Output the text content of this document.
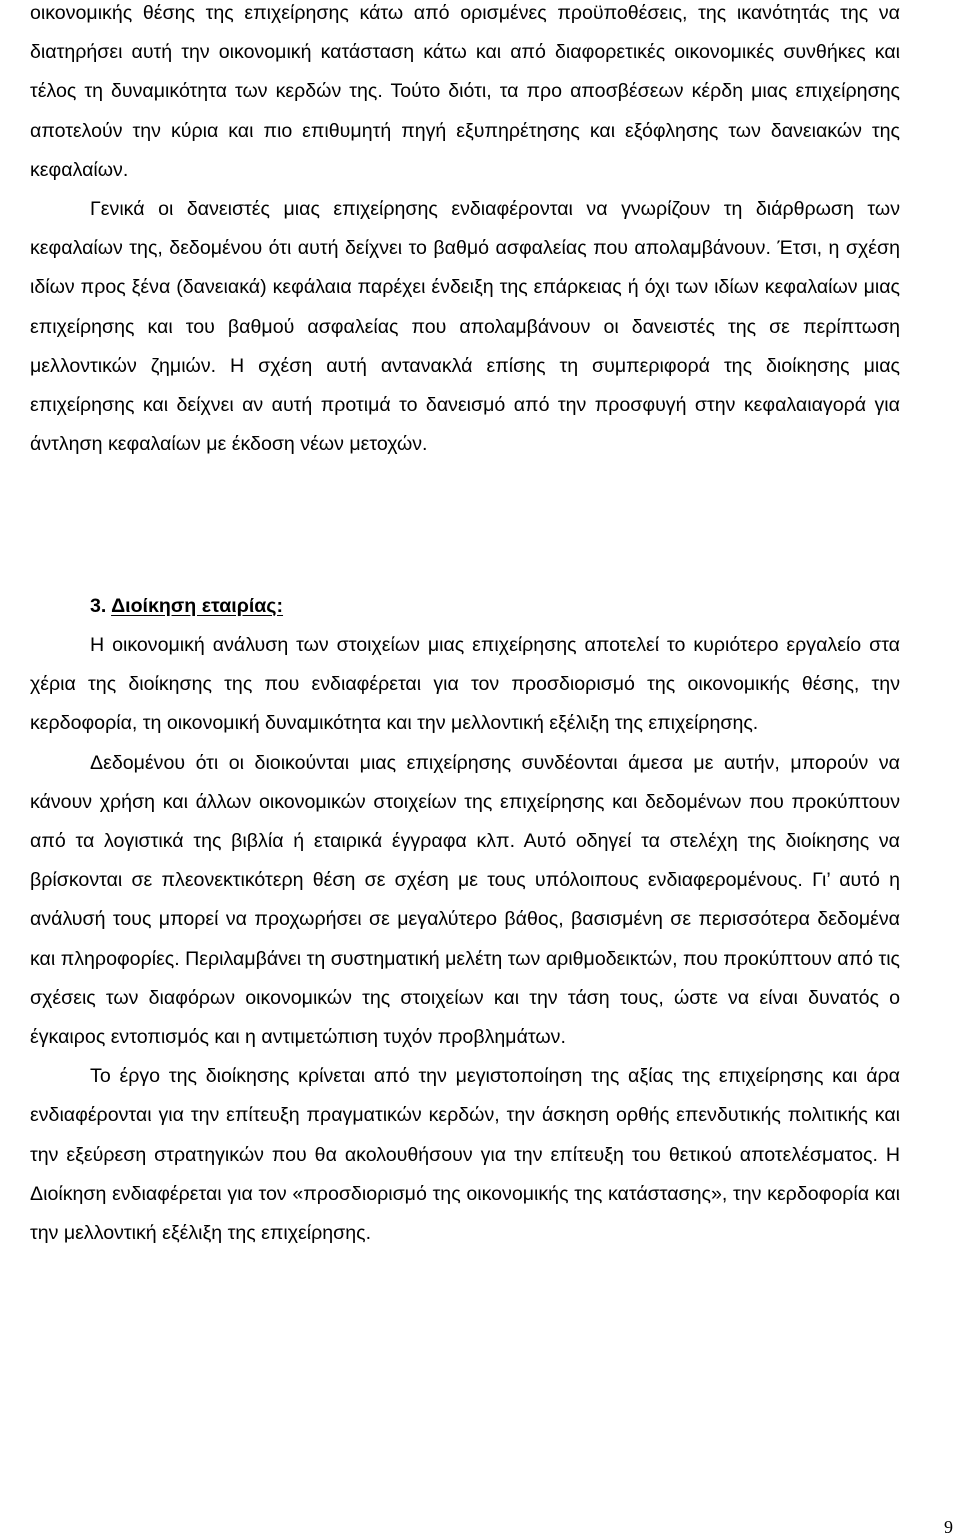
οικονομικής θέσης της επιχείρησης κάτω από ορισμένες προϋποθέσεις, της ικανότητάς της να διατηρήσει αυτή την οικονομική κατάσταση κάτω και από διαφορετικές οικονομικές συνθήκες και τέλος τη δυναμικότητα των κερδών της. Τούτο διότι, τα προ αποσβέσεων κέρδη μιας επιχείρησης αποτελούν την κύρια και πιο επιθυμητή πηγή εξυπηρέτησης και εξόφλησης των δανειακών της κεφαλαίων.

Γενικά οι δανειστές μιας επιχείρησης ενδιαφέρονται να γνωρίζουν τη διάρθρωση των κεφαλαίων της, δεδομένου ότι αυτή δείχνει το βαθμό ασφαλείας που απολαμβάνουν. Έτσι, η σχέση ιδίων προς ξένα (δανειακά) κεφάλαια παρέχει ένδειξη της επάρκειας ή όχι των ιδίων κεφαλαίων μιας επιχείρησης και του βαθμού ασφαλείας που απολαμβάνουν οι δανειστές της σε περίπτωση μελλοντικών ζημιών. Η σχέση αυτή αντανακλά επίσης τη συμπεριφορά της διοίκησης μιας επιχείρησης και δείχνει αν αυτή προτιμά το δανεισμό από την προσφυγή στην κεφαλαιαγορά για άντληση κεφαλαίων με έκδοση νέων μετοχών.

3. Διοίκηση εταιρίας:

Η οικονομική ανάλυση των στοιχείων μιας επιχείρησης αποτελεί το κυριότερο εργαλείο στα χέρια της διοίκησης της που ενδιαφέρεται για τον προσδιορισμό της οικονομικής θέσης, την κερδοφορία, τη οικονομική δυναμικότητα και την μελλοντική εξέλιξη της επιχείρησης.

Δεδομένου ότι οι διοικούνται μιας επιχείρησης συνδέονται άμεσα με αυτήν, μπορούν να κάνουν χρήση και άλλων οικονομικών στοιχείων της επιχείρησης και δεδομένων που προκύπτουν από τα λογιστικά της βιβλία ή εταιρικά έγγραφα κλπ. Αυτό οδηγεί τα στελέχη της διοίκησης να βρίσκονται σε πλεονεκτικότερη θέση σε σχέση με τους υπόλοιπους ενδιαφερομένους. Γι’ αυτό η ανάλυσή τους μπορεί να προχωρήσει σε μεγαλύτερο βάθος, βασισμένη σε περισσότερα δεδομένα και πληροφορίες. Περιλαμβάνει τη συστηματική μελέτη των αριθμοδεικτών, που προκύπτουν από τις σχέσεις των διαφόρων οικονομικών της στοιχείων και την τάση τους, ώστε να είναι δυνατός ο έγκαιρος εντοπισμός και η αντιμετώπιση τυχόν προβλημάτων.

Το έργο της διοίκησης κρίνεται από την μεγιστοποίηση της αξίας της επιχείρησης και άρα ενδιαφέρονται για την επίτευξη πραγματικών κερδών, την άσκηση ορθής επενδυτικής πολιτικής και την εξεύρεση στρατηγικών που θα ακολουθήσουν για την επίτευξη του θετικού αποτελέσματος. Η Διοίκηση ενδιαφέρεται για τον «προσδιορισμό της οικονομικής της κατάστασης», την κερδοφορία και την μελλοντική εξέλιξη της επιχείρησης.

9
